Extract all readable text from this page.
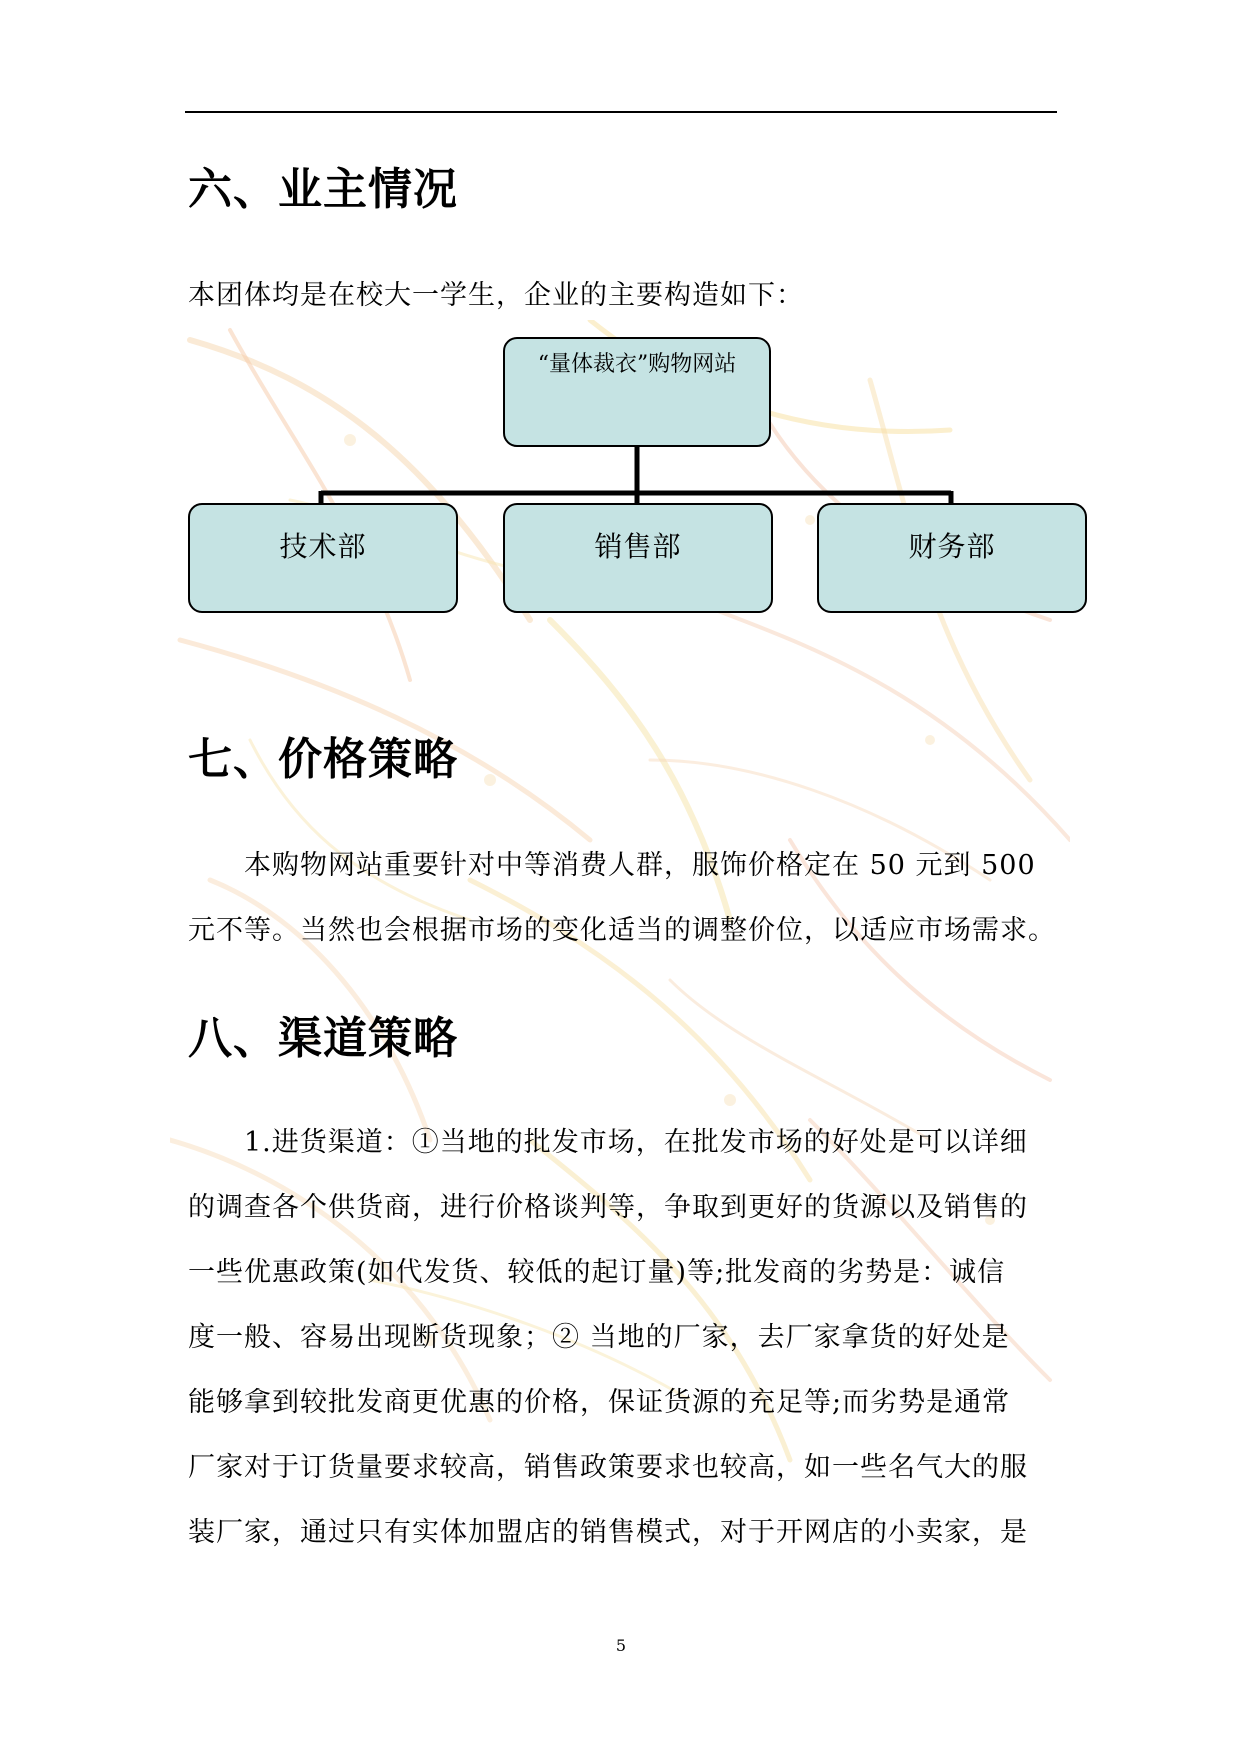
六、业主情况

本团体均是在校大一学生，企业的主要构造如下：

“量体裁衣”购物网站
技术部	销售部	财务部
七、价格策略
本购物网站重要针对中等消费人群，服饰价格定在 50 元到 500
元不等。当然也会根据市场的变化适当的调整价位，以适应市场需求。
八、渠道策略
1.进货渠道：①当地的批发市场，在批发市场的好处是可以详细
的调查各个供货商，进行价格谈判等，争取到更好的货源以及销售的
一些优惠政策(如代发货、较低的起订量)等;批发商的劣势是：诚信
度一般、容易出现断货现象；② 当地的厂家，去厂家拿货的好处是
能够拿到较批发商更优惠的价格，保证货源的充足等;而劣势是通常
厂家对于订货量要求较高，销售政策要求也较高，如一些名气大的服
装厂家，通过只有实体加盟店的销售模式，对于开网店的小卖家，是
5
